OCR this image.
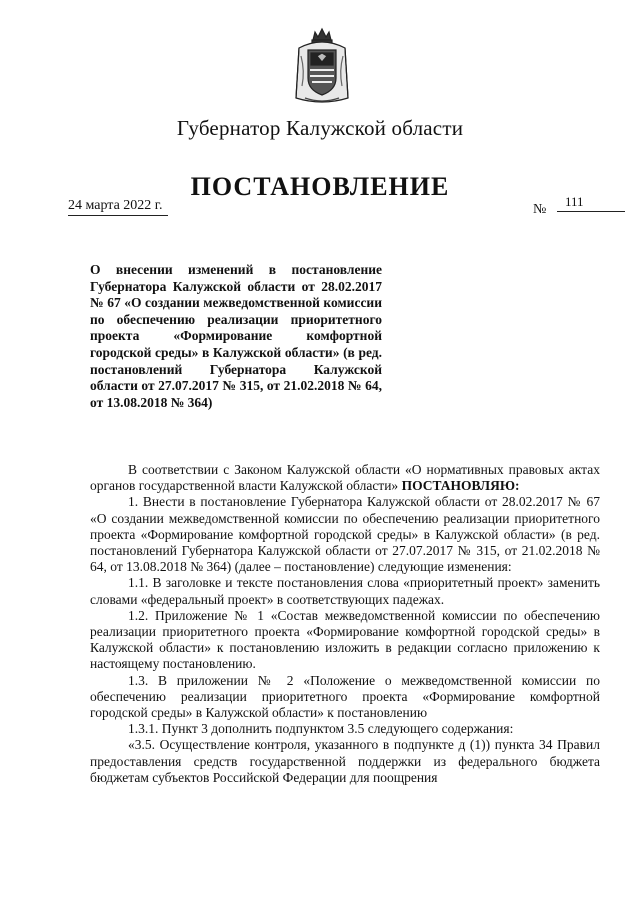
Губернатор Калужской области
ПОСТАНОВЛЕНИЕ
24 марта 2022 г.	№
111
О внесении изменений в постановление Губернатора Калужской области от 28.02.2017 № 67 «О создании межведомственной комиссии по обеспечению реализации приоритетного проекта «Формирование комфортной городской среды» в Калужской области» (в ред. постановлений Губернатора Калужской области от 27.07.2017 № 315, от 21.02.2018 № 64, от 13.08.2018 № 364)

В соответствии с Законом Калужской области «О нормативных правовых актах органов государственной власти Калужской области» ПОСТАНОВЛЯЮ:

1. Внести в постановление Губернатора Калужской области от 28.02.2017 № 67 «О создании межведомственной комиссии по обеспечению реализации приоритетного проекта «Формирование комфортной городской среды» в Калужской области» (в ред. постановлений Губернатора Калужской области от 27.07.2017 № 315, от 21.02.2018 № 64, от 13.08.2018 № 364) (далее – постановление) следующие изменения:

1.1. В заголовке и тексте постановления слова «приоритетный проект» заменить словами «федеральный проект» в соответствующих падежах.

1.2. Приложение № 1 «Состав межведомственной комиссии по обеспечению реализации приоритетного проекта «Формирование комфортной городской среды» в Калужской области» к постановлению изложить в редакции согласно приложению к настоящему постановлению.

1.3. В приложении № 2 «Положение о межведомственной комиссии по обеспечению реализации приоритетного проекта «Формирование комфортной городской среды» в Калужской области» к постановлению

1.3.1. Пункт 3 дополнить подпунктом 3.5 следующего содержания:

«3.5. Осуществление контроля, указанного в подпункте д (1)) пункта 34 Правил предоставления средств государственной поддержки из федерального бюджета бюджетам субъектов Российской Федерации для поощрения
